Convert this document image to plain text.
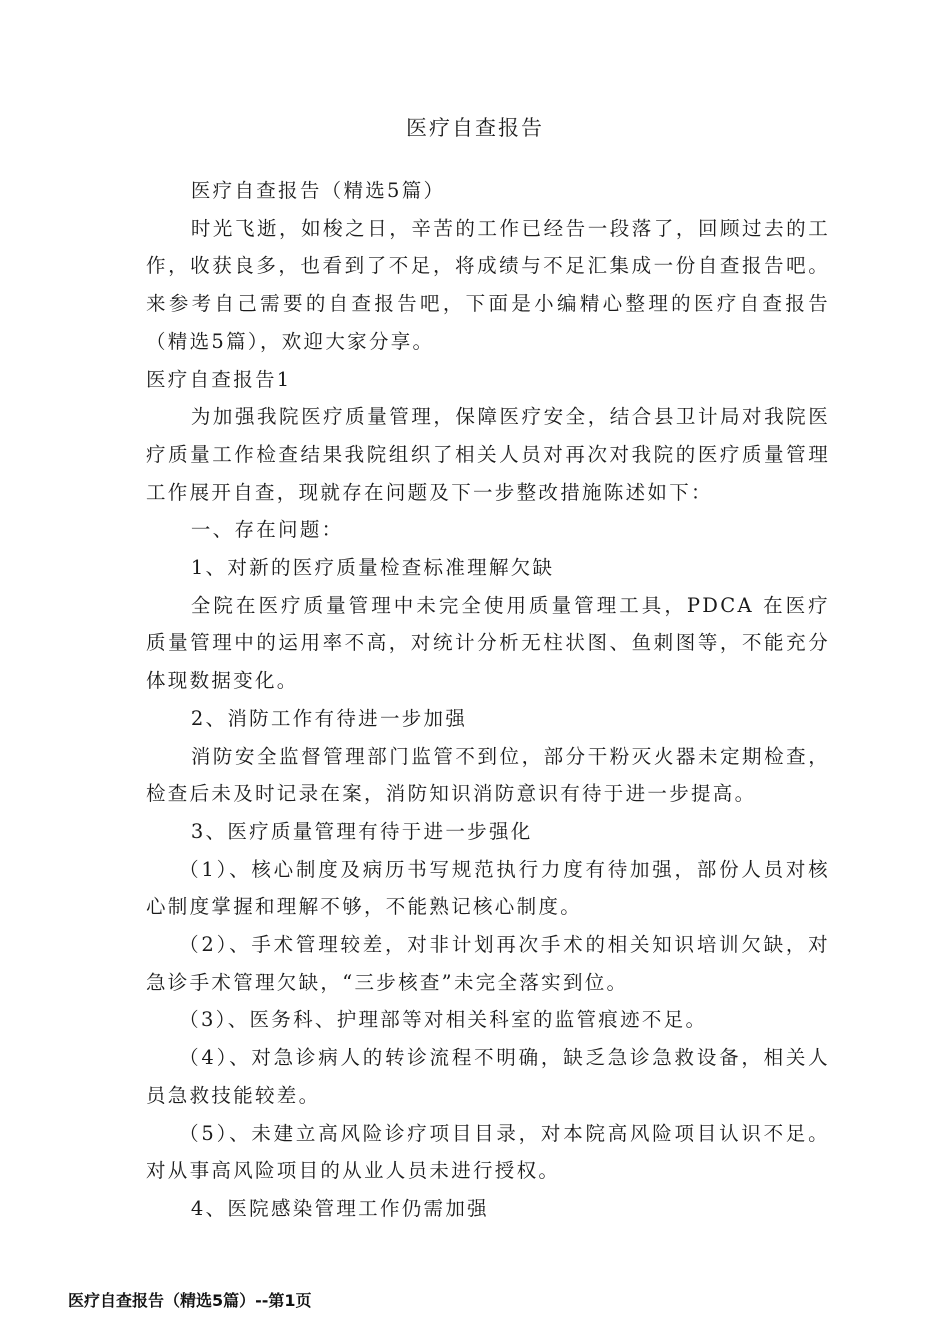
医疗自查报告

医疗自查报告（精选5篇）

时光飞逝，如梭之日，辛苦的工作已经告一段落了，回顾过去的工作，收获良多，也看到了不足，将成绩与不足汇集成一份自查报告吧。来参考自己需要的自查报告吧，下面是小编精心整理的医疗自查报告（精选5篇），欢迎大家分享。

医疗自查报告1

为加强我院医疗质量管理，保障医疗安全，结合县卫计局对我院医疗质量工作检查结果我院组织了相关人员对再次对我院的医疗质量管理工作展开自查，现就存在问题及下一步整改措施陈述如下：

一、存在问题：

1、对新的医疗质量检查标准理解欠缺

全院在医疗质量管理中未完全使用质量管理工具，PDCA 在医疗质量管理中的运用率不高，对统计分析无柱状图、鱼刺图等，不能充分体现数据变化。

2、消防工作有待进一步加强

消防安全监督管理部门监管不到位，部分干粉灭火器未定期检查，检查后未及时记录在案，消防知识消防意识有待于进一步提高。

3、医疗质量管理有待于进一步强化

（1）、核心制度及病历书写规范执行力度有待加强，部份人员对核心制度掌握和理解不够，不能熟记核心制度。

（2）、手术管理较差，对非计划再次手术的相关知识培训欠缺，对急诊手术管理欠缺，“三步核查”未完全落实到位。

（3）、医务科、护理部等对相关科室的监管痕迹不足。

（4）、对急诊病人的转诊流程不明确，缺乏急诊急救设备，相关人员急救技能较差。

（5）、未建立高风险诊疗项目目录，对本院高风险项目认识不足。对从事高风险项目的从业人员未进行授权。

4、医院感染管理工作仍需加强

医疗自查报告（精选5篇）--第1页
